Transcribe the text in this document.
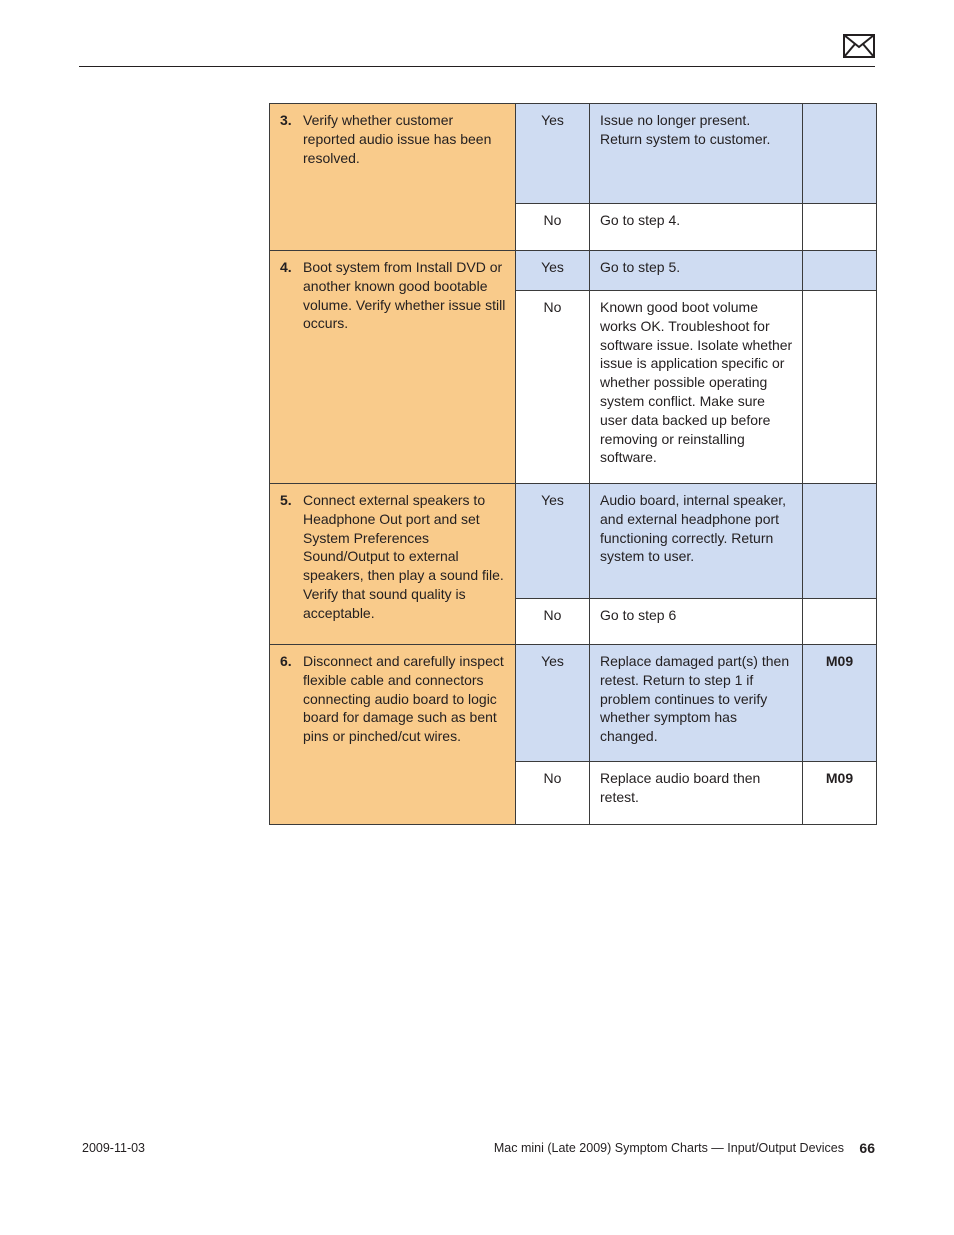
3. Verify whether customer reported audio issue has been resolved.	Yes	Issue no longer present. Return system to customer.	
	No	Go to step 4.	

4. Boot system from Install DVD or another known good bootable volume. Verify whether issue still occurs.	Yes	Go to step 5.	
	No	Known good boot volume works OK. Troubleshoot for software issue. Isolate whether issue is application specific or whether possible operating system conflict. Make sure user data backed up before removing or reinstalling software.	

5. Connect external speakers to Headphone Out port and set System Preferences Sound/Output to external speakers, then play a sound file. Verify that sound quality is acceptable.	Yes	Audio board, internal speaker, and external headphone port functioning correctly. Return system to user.	
	No	Go to step 6	

6. Disconnect and carefully inspect flexible cable and connectors connecting audio board to logic board for damage such as bent pins or pinched/cut wires.	Yes	Replace damaged part(s) then retest. Return to step 1 if problem continues to verify whether symptom has changed.	M09
	No	Replace audio board then retest.	M09
2009-11-03	Mac mini (Late 2009) Symptom Charts — Input/Output Devices 66
